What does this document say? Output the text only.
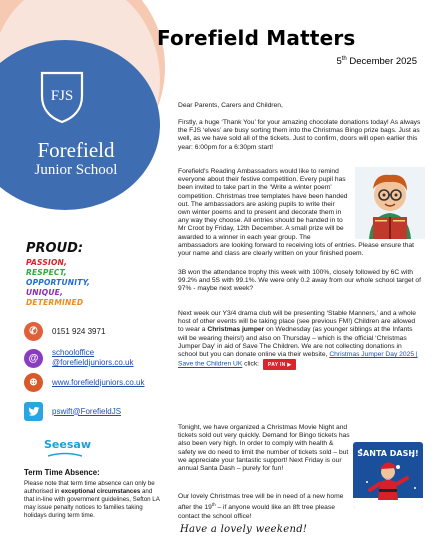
FJS
Forefield
Junior School
PROUD:
PASSION,
RESPECT,
OPPORTUNITY,
UNIQUE,
DETERMINED
✆	0151 924 3971
@	schooloffice
@forefieldjuniors.co.uk
⊕	www.forefieldjuniors.co.uk
pswift@ForefieldJS
Seesaw
Term Time Absence:
Please note that term time absence can only be authorised in exceptional circumstances and that in-line with government guidelines, Sefton LA may issue penalty notices to families taking holidays during term time.
Forefield Matters
5th December 2025
Dear Parents, Carers and Children,
Firstly, a huge ‘Thank You’ for your amazing chocolate donations today! As always the FJS ‘elves’ are busy sorting them into the Christmas Bingo prize bags. Just as well, as we have sold all of the tickets. Just to confirm, doors will open earlier this year: 6:00pm for a 6:30pm start!
Forefield’s Reading Ambassadors would like to remind everyone about their festive competition. Every pupil has been invited to take part in the ‘Write a winter poem’ competition. Christmas tree templates have been handed out. The ambassadors are asking pupils to write their own winter poems and to present and decorate them in any way they choose. All entries should be handed in to Mr Croot by Friday, 12th December. A small prize will be awarded to a winner in each year group. The ambassadors are looking forward to receiving lots of entries. Please ensure that your name and class are clearly written on your finished poem.
3B won the attendance trophy this week with 100%, closely followed by 6C with 99.2% and 5S with 99.1%. We were only 0.2 away from our whole school target of 97% - maybe next week?
Next week our Y3/4 drama club will be presenting ‘Stable Manners,’ and a whole host of other events will be taking place (see previous FM!) Children are allowed to wear a Christmas jumper on Wednesday (as younger siblings at the Infants will be wearing theirs!) and also on Thursday – which is the official ‘Christmas Jumper Day’ in aid of Save The Children. We are not collecting donations in school but you can donate online via their website, Christmas Jumper Day 2025 | Save the Children UK click: PAY IN ▶
Tonight, we have organized a Christmas Movie Night and tickets sold out very quickly. Demand for Bingo tickets has also been very high. In order to comply with health & safety we do need to limit the number of tickets sold – but we appreciate your fantastic support! Next Friday is our annual Santa Dash – purely for fun!
SANTA DASH!
Our lovely Christmas tree will be in need of a new home after the 19th – if anyone would like an 8ft tree please contact the school office!
Have a lovely weekend!
